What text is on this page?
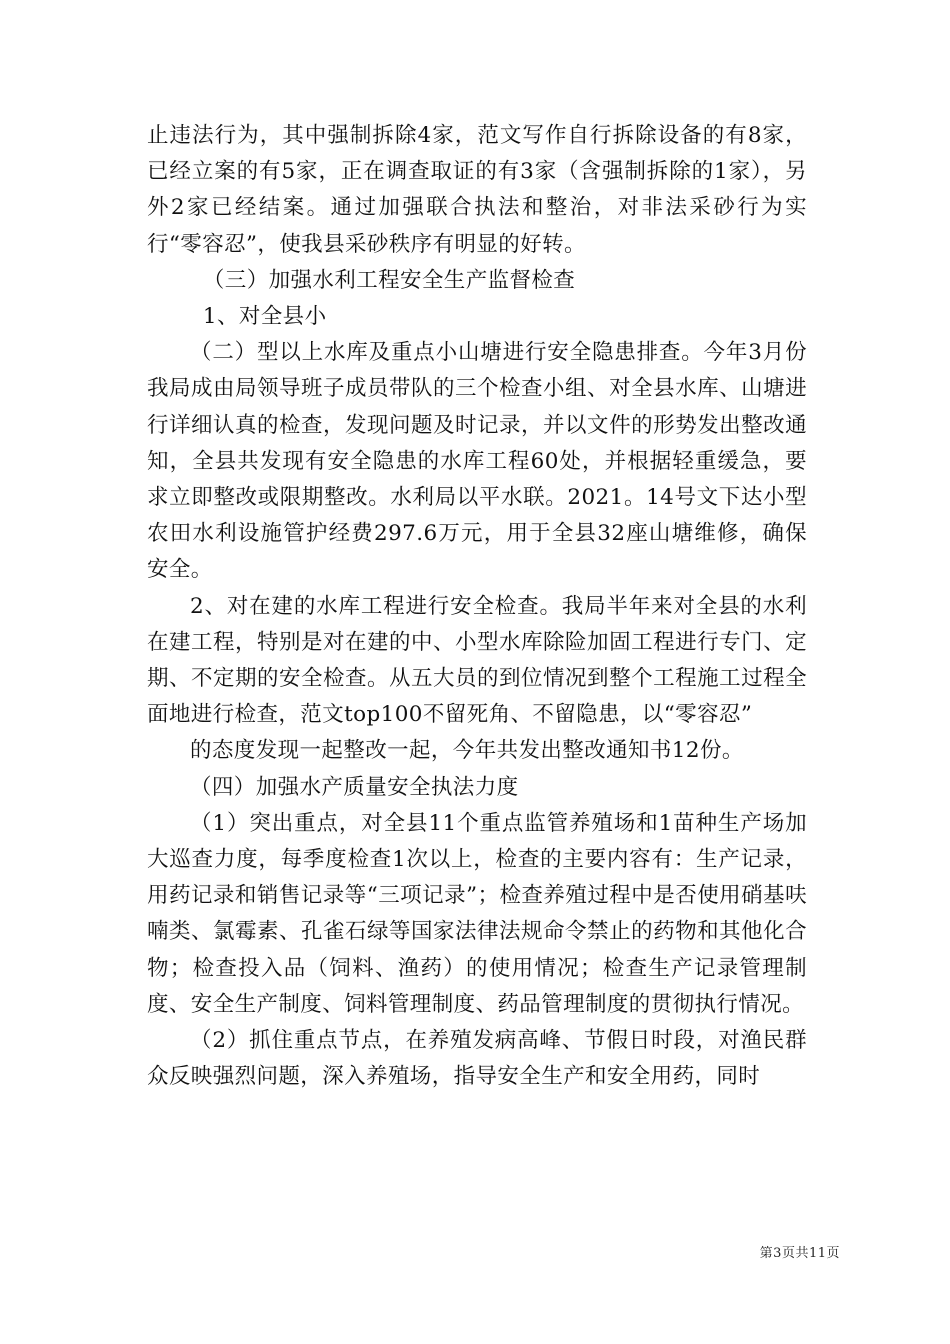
止违法行为，其中强制拆除4家，范文写作自行拆除设备的有8家，已经立案的有5家，正在调查取证的有3家（含强制拆除的1家），另外2家已经结案。通过加强联合执法和整治，对非法采砂行为实行“零容忍”，使我县采砂秩序有明显的好转。

（三）加强水利工程安全生产监督检查

1、对全县小

（二）型以上水库及重点小山塘进行安全隐患排查。今年3月份我局成由局领导班子成员带队的三个检查小组、对全县水库、山塘进行详细认真的检查，发现问题及时记录，并以文件的形势发出整改通知，全县共发现有安全隐患的水库工程60处，并根据轻重缓急，要求立即整改或限期整改。水利局以平水联。2021。14号文下达小型农田水利设施管护经费297.6万元，用于全县32座山塘维修，确保安全。

2、对在建的水库工程进行安全检查。我局半年来对全县的水利在建工程，特别是对在建的中、小型水库除险加固工程进行专门、定期、不定期的安全检查。从五大员的到位情况到整个工程施工过程全面地进行检查，范文top100不留死角、不留隐患，以“零容忍”

的态度发现一起整改一起，今年共发出整改通知书12份。

（四）加强水产质量安全执法力度

（1）突出重点，对全县11个重点监管养殖场和1苗种生产场加大巡查力度，每季度检查1次以上，检查的主要内容有：生产记录，用药记录和销售记录等“三项记录”；检查养殖过程中是否使用硝基呋喃类、氯霉素、孔雀石绿等国家法律法规命令禁止的药物和其他化合物；检查投入品（饲料、渔药）的使用情况；检查生产记录管理制度、安全生产制度、饲料管理制度、药品管理制度的贯彻执行情况。

（2）抓住重点节点，在养殖发病高峰、节假日时段，对渔民群众反映强烈问题，深入养殖场，指导安全生产和安全用药，同时

第3页共11页
